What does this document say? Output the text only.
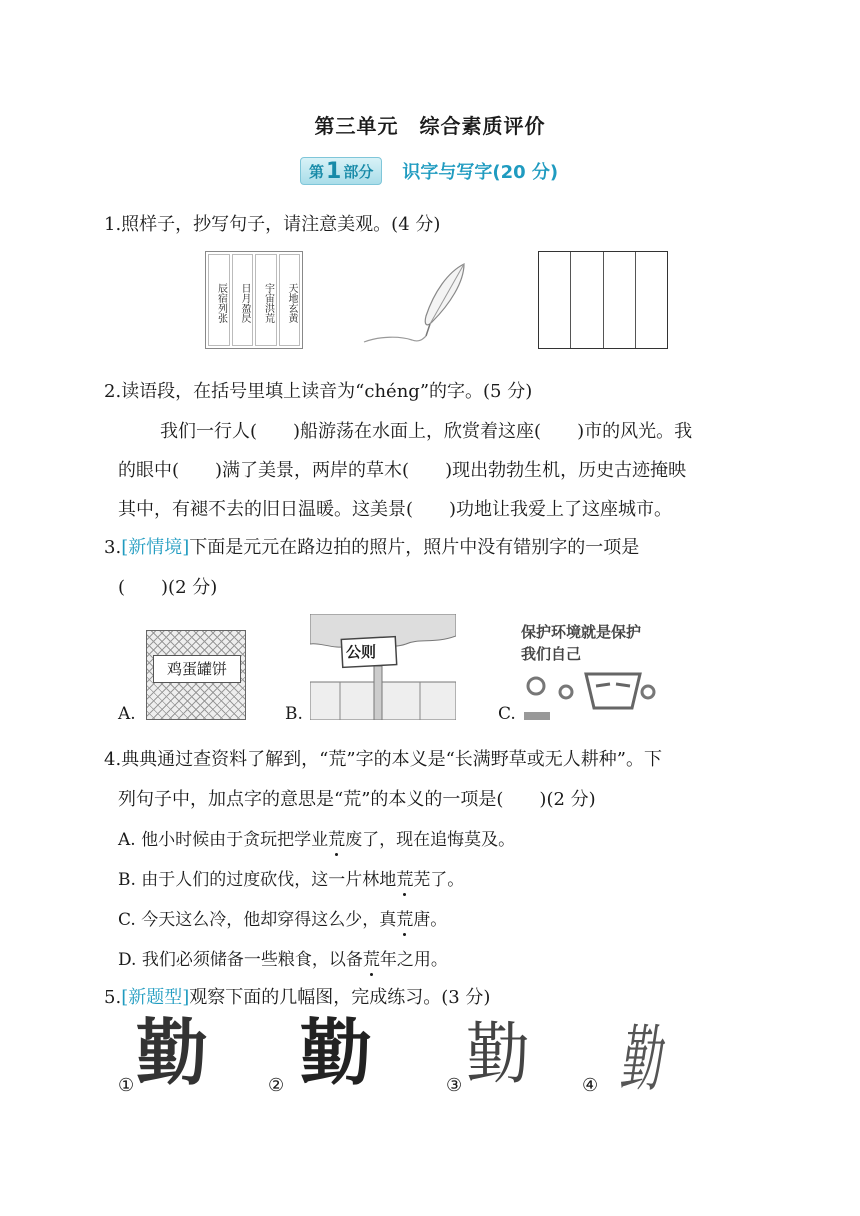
第三单元　综合素质评价
第 1 部分 识字与写字(20 分)
1.照样子，抄写句子，请注意美观。(4 分)
辰宿列张	日月盈昃	宇宙洪荒	天地玄黄
2.读语段，在括号里填上读音为“chéng”的字。(5 分)
我们一行人(　　)船游荡在水面上，欣赏着这座(　　)市的风光。我
的眼中(　　)满了美景，两岸的草木(　　)现出勃勃生机，历史古迹掩映
其中，有褪不去的旧日温暖。这美景(　　)功地让我爱上了这座城市。
3.[新情境]下面是元元在路边拍的照片，照片中没有错别字的一项是
(　　)(2 分)
A.
鸡蛋罐饼
B.
公则
C.
保护环境就是保护
我们自己
4.典典通过查资料了解到，“荒”字的本义是“长满野草或无人耕种”。下
列句子中，加点字的意思是“荒”的本义的一项是(　　)(2 分)
A. 他小时候由于贪玩把学业荒废了，现在追悔莫及。
B. 由于人们的过度砍伐，这一片林地荒芜了。
C. 今天这么冷，他却穿得这么少，真荒唐。
D. 我们必须储备一些粮食，以备荒年之用。
5.[新题型]观察下面的几幅图，完成练习。(3 分)
① 勤	② 勤	③ 勤	④ 勤
